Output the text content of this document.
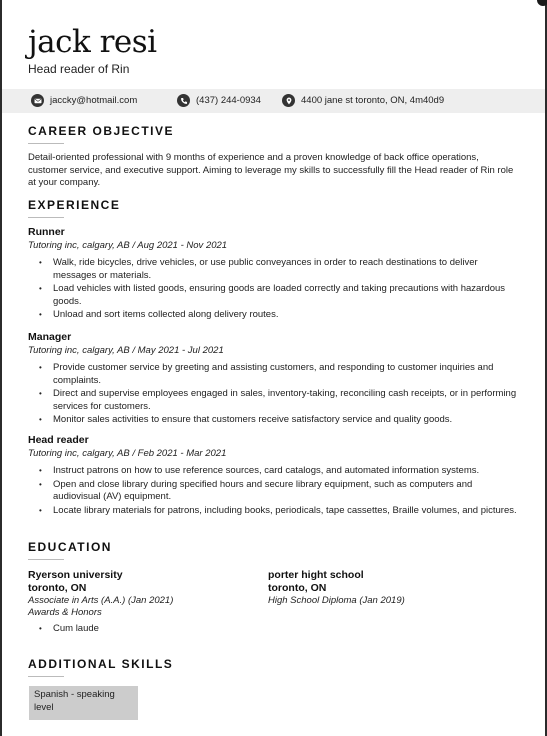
jack resi
Head reader of Rin
jaccky@hotmail.com	(437) 244-0934	4400 jane st toronto, ON, 4m40d9
CAREER OBJECTIVE
Detail-oriented professional with 9 months of experience and a proven knowledge of back office operations, customer service, and executive support. Aiming to leverage my skills to successfully fill the Head reader of Rin role at your company.
EXPERIENCE
Runner
Tutoring inc, calgary, AB / Aug 2021 - Nov 2021
• Walk, ride bicycles, drive vehicles, or use public conveyances in order to reach destinations to deliver messages or materials.
• Load vehicles with listed goods, ensuring goods are loaded correctly and taking precautions with hazardous goods.
• Unload and sort items collected along delivery routes.
Manager
Tutoring inc, calgary, AB / May 2021 - Jul 2021
• Provide customer service by greeting and assisting customers, and responding to customer inquiries and complaints.
• Direct and supervise employees engaged in sales, inventory-taking, reconciling cash receipts, or in performing services for customers.
• Monitor sales activities to ensure that customers receive satisfactory service and quality goods.
Head reader
Tutoring inc, calgary, AB / Feb 2021 - Mar 2021
• Instruct patrons on how to use reference sources, card catalogs, and automated information systems.
• Open and close library during specified hours and secure library equipment, such as computers and audiovisual (AV) equipment.
• Locate library materials for patrons, including books, periodicals, tape cassettes, Braille volumes, and pictures.
EDUCATION
Ryerson university
toronto, ON
Associate in Arts (A.A.) (Jan 2021)
Awards & Honors
• Cum laude
porter hight school
toronto, ON
High School Diploma (Jan 2019)
ADDITIONAL SKILLS
Spanish - speaking level
